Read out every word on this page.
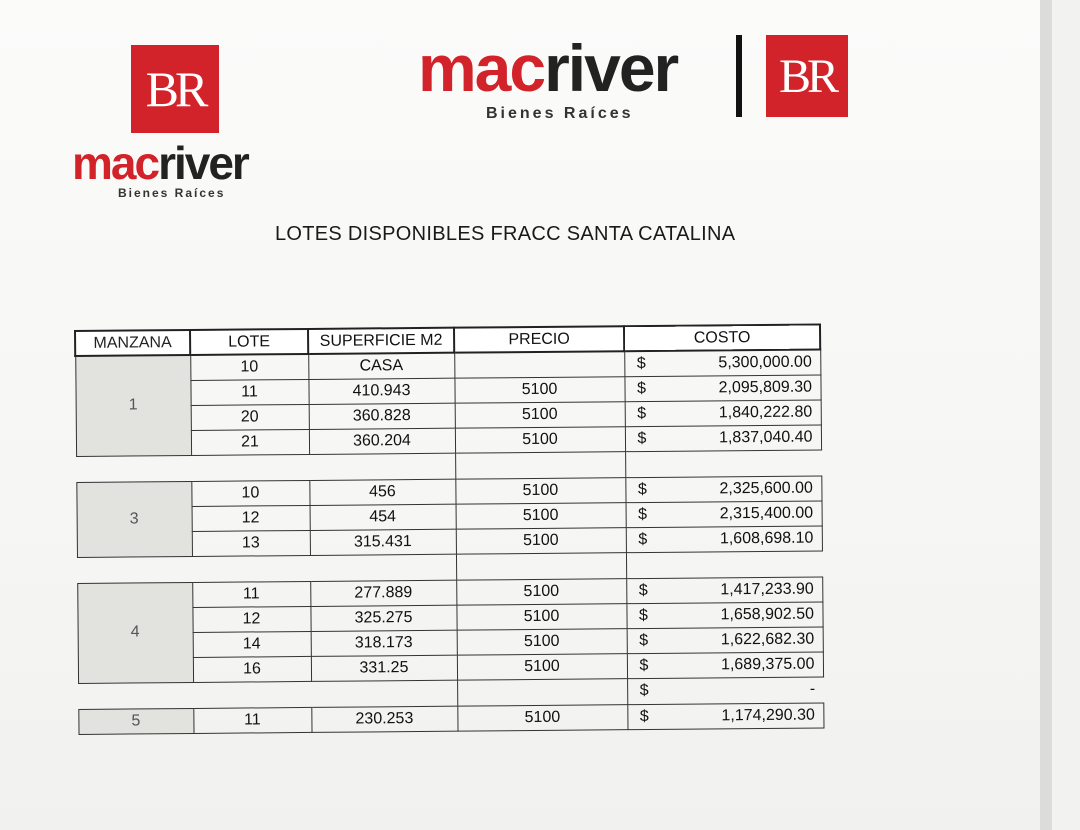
BR
macriver
Bienes Raíces
macriver
Bienes Raíces
BR
LOTES DISPONIBLES FRACC SANTA CATALINA
MANZANA	LOTE	SUPERFICIE M2	PRECIO	COSTO
1	10	CASA		$ 5,300,000.00
	11	410.943	5100	$ 2,095,809.30
	20	360.828	5100	$ 1,840,222.80
	21	360.204	5100	$ 1,837,040.40

3	10	456	5100	$ 2,325,600.00
	12	454	5100	$ 2,315,400.00
	13	315.431	5100	$ 1,608,698.10

4	11	277.889	5100	$ 1,417,233.90
	12	325.275	5100	$ 1,658,902.50
	14	318.173	5100	$ 1,622,682.30
	16	331.25	5100	$ 1,689,375.00

				$ -
5	11	230.253	5100	$ 1,174,290.30
